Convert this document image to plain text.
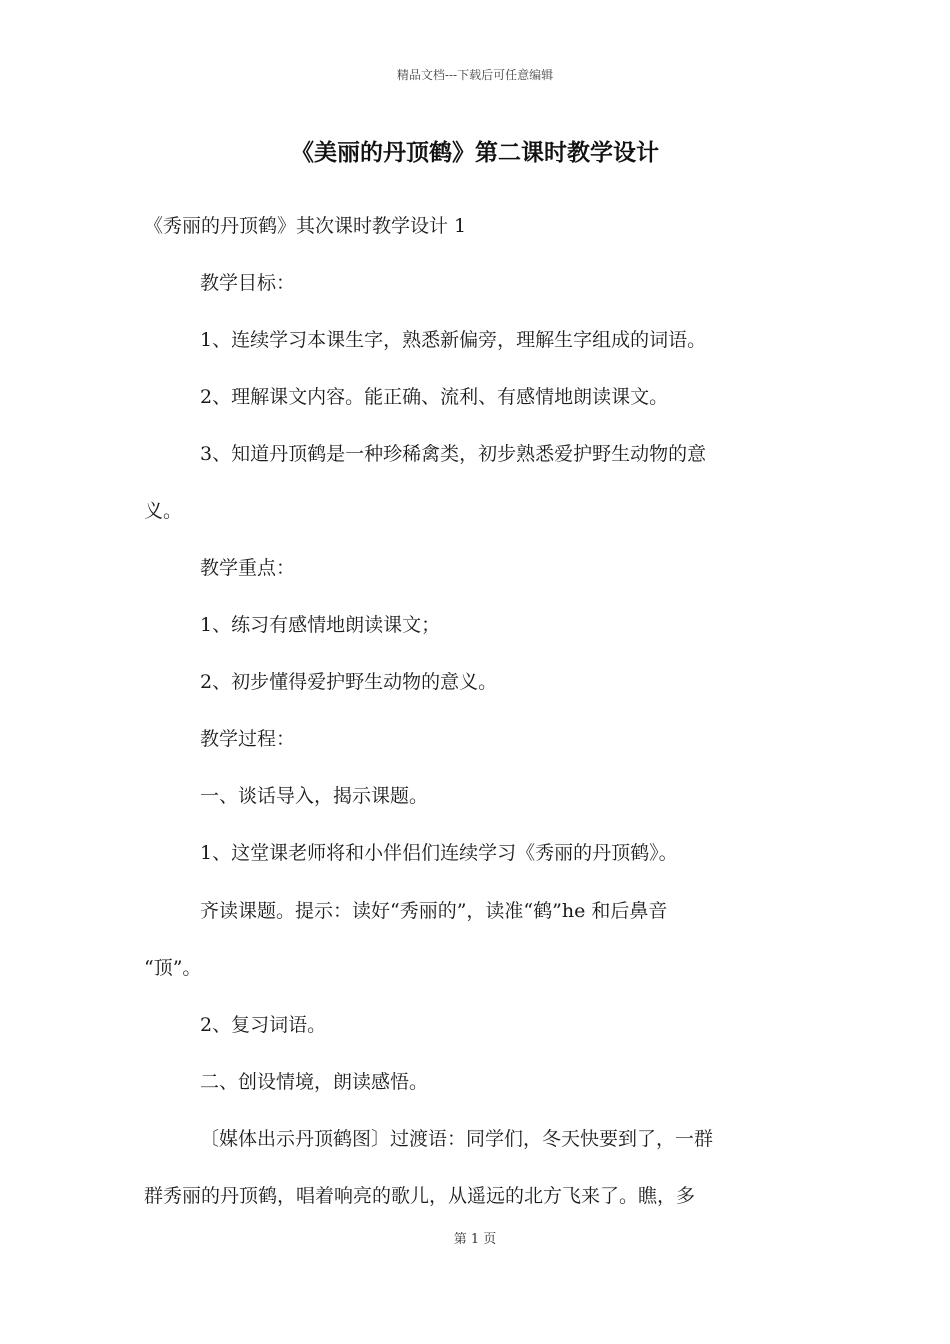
精品文档---下载后可任意编辑
《美丽的丹顶鹤》第二课时教学设计
《秀丽的丹顶鹤》其次课时教学设计 1
教学目标：
1、连续学习本课生字，熟悉新偏旁，理解生字组成的词语。
2、理解课文内容。能正确、流利、有感情地朗读课文。
3、知道丹顶鹤是一种珍稀禽类，初步熟悉爱护野生动物的意
义。
教学重点：
1、练习有感情地朗读课文；
2、初步懂得爱护野生动物的意义。
教学过程：
一、谈话导入，揭示课题。
1、这堂课老师将和小伴侣们连续学习《秀丽的丹顶鹤》。
齐读课题。提示：读好“秀丽的”，读准“鹤”he 和后鼻音
“顶”。
2、复习词语。
二、创设情境，朗读感悟。
〔媒体出示丹顶鹤图〕过渡语：同学们，冬天快要到了，一群
群秀丽的丹顶鹤，唱着响亮的歌儿，从遥远的北方飞来了。瞧，多
第 1 页
